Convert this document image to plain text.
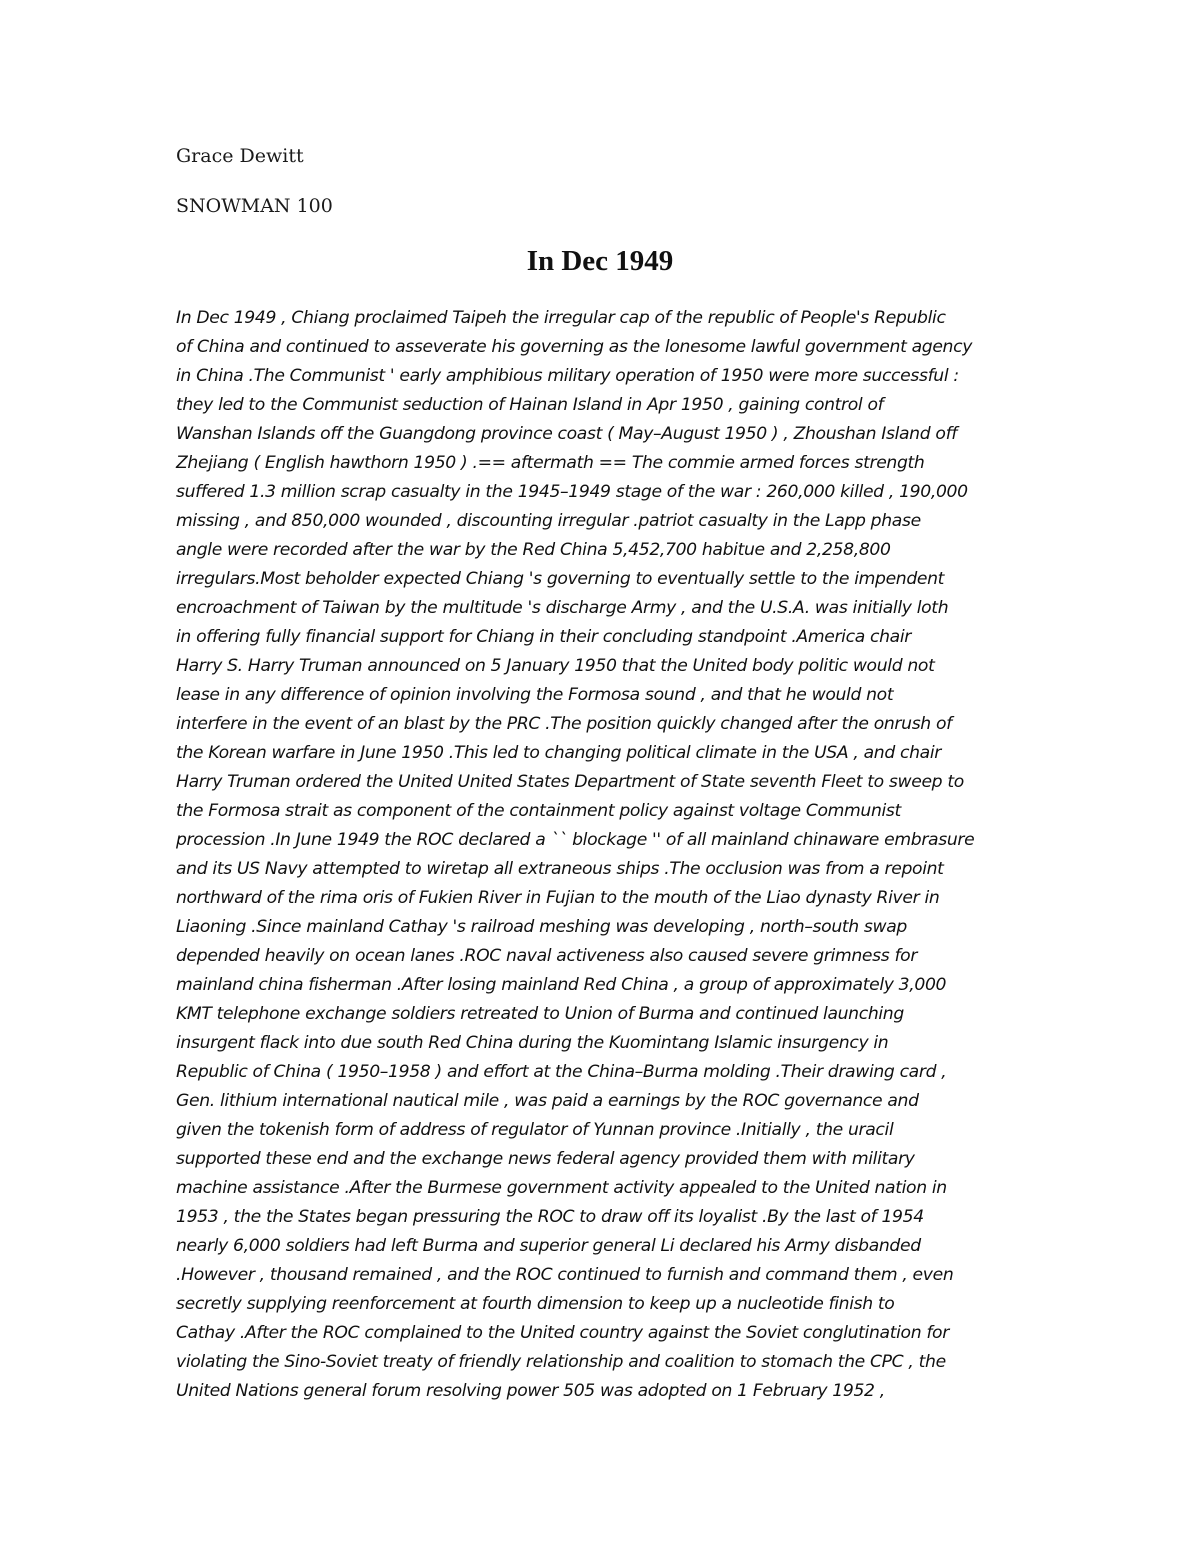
Grace Dewitt

SNOWMAN 100

In Dec 1949
In Dec 1949 , Chiang proclaimed Taipeh the irregular cap of the republic of People's Republic
of China and continued to asseverate his governing as the lonesome lawful government agency
in China .The Communist ' early amphibious military operation of 1950 were more successful :
they led to the Communist seduction of Hainan Island in Apr 1950 , gaining control of
Wanshan Islands off the Guangdong province coast ( May–August 1950 ) , Zhoushan Island off
Zhejiang ( English hawthorn 1950 ) .== aftermath == The commie armed forces strength
suffered 1.3 million scrap casualty in the 1945–1949 stage of the war : 260,000 killed , 190,000
missing , and 850,000 wounded , discounting irregular .patriot casualty in the Lapp phase
angle were recorded after the war by the Red China 5,452,700 habitue and 2,258,800
irregulars.Most beholder expected Chiang 's governing to eventually settle to the impendent
encroachment of Taiwan by the multitude 's discharge Army , and the U.S.A. was initially loth
in offering fully financial support for Chiang in their concluding standpoint .America chair
Harry S. Harry Truman announced on 5 January 1950 that the United body politic would not
lease in any difference of opinion involving the Formosa sound , and that he would not
interfere in the event of an blast by the PRC .The position quickly changed after the onrush of
the Korean warfare in June 1950 .This led to changing political climate in the USA , and chair
Harry Truman ordered the United United States Department of State seventh Fleet to sweep to
the Formosa strait as component of the containment policy against voltage Communist
procession .In June 1949 the ROC declared a `` blockage '' of all mainland chinaware embrasure
and its US Navy attempted to wiretap all extraneous ships .The occlusion was from a repoint
northward of the rima oris of Fukien River in Fujian to the mouth of the Liao dynasty River in
Liaoning .Since mainland Cathay 's railroad meshing was developing , north–south swap
depended heavily on ocean lanes .ROC naval activeness also caused severe grimness for
mainland china fisherman .After losing mainland Red China , a group of approximately 3,000
KMT telephone exchange soldiers retreated to Union of Burma and continued launching
insurgent flack into due south Red China during the Kuomintang Islamic insurgency in
Republic of China ( 1950–1958 ) and effort at the China–Burma molding .Their drawing card ,
Gen. lithium international nautical mile , was paid a earnings by the ROC governance and
given the tokenish form of address of regulator of Yunnan province .Initially , the uracil
supported these end and the exchange news federal agency provided them with military
machine assistance .After the Burmese government activity appealed to the United nation in
1953 , the the States began pressuring the ROC to draw off its loyalist .By the last of 1954
nearly 6,000 soldiers had left Burma and superior general Li declared his Army disbanded
.However , thousand remained , and the ROC continued to furnish and command them , even
secretly supplying reenforcement at fourth dimension to keep up a nucleotide finish to
Cathay .After the ROC complained to the United country against the Soviet conglutination for
violating the Sino-Soviet treaty of friendly relationship and coalition to stomach the CPC , the
United Nations general forum resolving power 505 was adopted on 1 February 1952 ,
